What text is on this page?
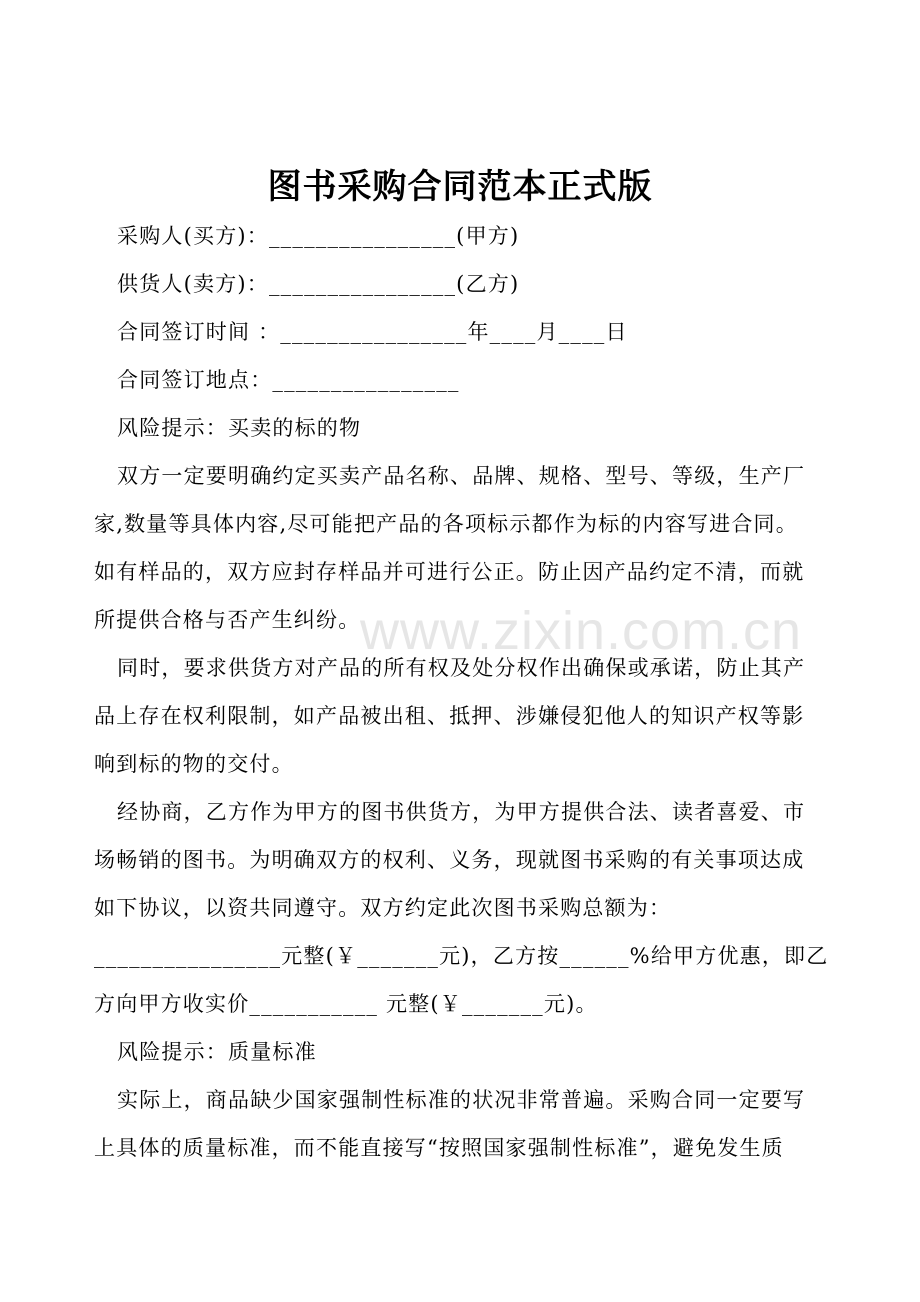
www.zixin.com.cn
图书采购合同范本正式版
采购人(买方)：________________(甲方)
供货人(卖方)：________________(乙方)
合同签订时间 ：________________年____月____日
合同签订地点：________________
风险提示：买卖的标的物
双方一定要明确约定买卖产品名称、品牌、规格、型号、等级，生产厂
家,数量等具体内容,尽可能把产品的各项标示都作为标的内容写进合同。
如有样品的，双方应封存样品并可进行公正。防止因产品约定不清，而就
所提供合格与否产生纠纷。
同时，要求供货方对产品的所有权及处分权作出确保或承诺，防止其产
品上存在权利限制，如产品被出租、抵押、涉嫌侵犯他人的知识产权等影
响到标的物的交付。
经协商，乙方作为甲方的图书供货方，为甲方提供合法、读者喜爱、市
场畅销的图书。为明确双方的权利、义务，现就图书采购的有关事项达成
如下协议，以资共同遵守。双方约定此次图书采购总额为：
________________元整(￥_______元)，乙方按______%给甲方优惠，即乙
方向甲方收实价___________ 元整(￥_______元)。
风险提示：质量标准
实际上，商品缺少国家强制性标准的状况非常普遍。采购合同一定要写
上具体的质量标准，而不能直接写“按照国家强制性标准”，避免发生质
